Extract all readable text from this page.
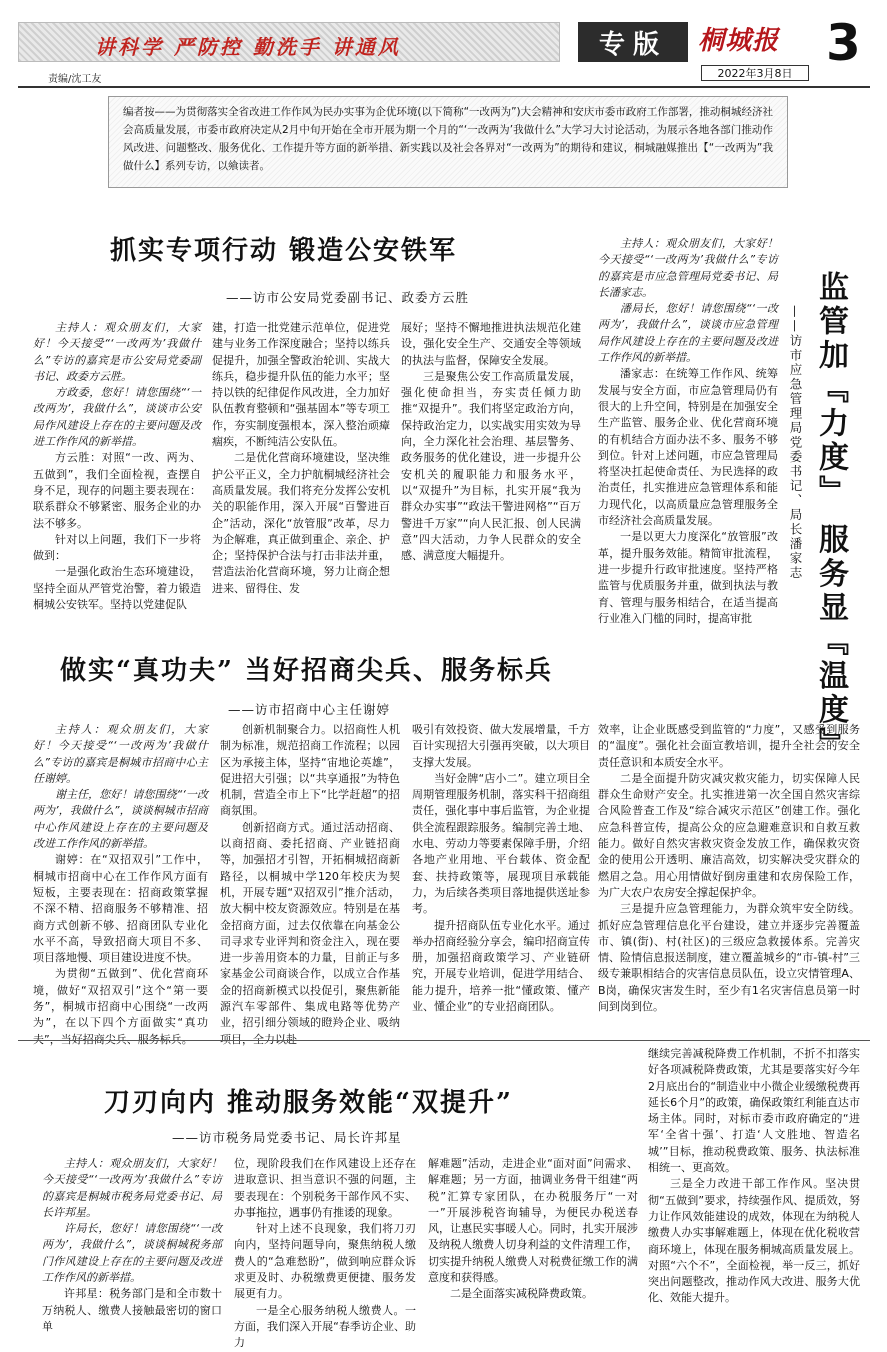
讲科学 严防控 勤洗手 讲通风	专版	桐城报 3
2022年3月8日
责编/沈工友
编者按——为贯彻落实全省改进工作作风为民办实事为企优环境(以下简称“一改两为”)大会精神和安庆市委市政府工作部署，推动桐城经济社会高质量发展，市委市政府决定从2月中旬开始在全市开展为期一个月的“‘一改两为’我做什么”大学习大讨论活动，为展示各地各部门推动作风改进、问题整改、服务优化、工作提升等方面的新举措、新实践以及社会各界对“一改两为”的期待和建议，桐城融媒推出【“一改两为”我做什么】系列专访，以飨读者。
抓实专项行动 锻造公安铁军
——访市公安局党委副书记、政委方云胜

主持人：观众朋友们，大家好！今天接受“‘一改两为’我做什么”专访的嘉宾是市公安局党委副书记、政委方云胜。

方政委，您好！请您围绕“‘一改两为’，我做什么”，谈谈市公安局作风建设上存在的主要问题及改进工作作风的新举措。

方云胜：对照“一改、两为、五做到”，我们全面检视，查摆自身不足，现存的问题主要表现在：联系群众不够紧密、服务企业的办法不够多。

针对以上问题，我们下一步将做到：

一是强化政治生态环境建设，坚持全面从严管党治警，着力锻造桐城公安铁军。坚持以党建促队

建，打造一批党建示范单位，促进党建与业务工作深度融合；坚持以练兵促提升，加强全警政治轮训、实战大练兵，稳步提升队伍的能力水平；坚持以铁的纪律促作风改进，全力加好队伍教育整顿和“强基固本”等专项工作，夯实制度强根本，深入整治顽瘴痼疾，不断纯洁公安队伍。

二是优化营商环境建设，坚决维护公平正义，全力护航桐城经济社会高质量发展。我们将充分发挥公安机关的职能作用，深入开展“百警进百企”活动，深化“放管服”改革，尽力为企解难，真正做到重企、亲企、护企；坚持保护合法与打击非法并重，营造法治化营商环境，努力让商企想进来、留得住、发

展好；坚持不懈地推进执法规范化建设，强化安全生产、交通安全等领域的执法与监督，保障安全发展。

三是聚焦公安工作高质量发展，强化使命担当，夯实责任倾力助推“双提升”。我们将坚定政治方向，保持政治定力，以实战实用实效为导向，全力深化社会治理、基层警务、政务服务的优化建设，进一步提升公安机关的履职能力和服务水平，以“双提升”为目标，扎实开展“我为群众办实事”“政法干警进网格”“百万警进千万家”“向人民汇报、创人民满意”四大活动，力争人民群众的安全感、满意度大幅提升。

做实“真功夫” 当好招商尖兵、服务标兵
——访市招商中心主任谢婷

主持人：观众朋友们，大家好！今天接受“‘一改两为’我做什么”专访的嘉宾是桐城市招商中心主任谢婷。

谢主任，您好！请您围绕“‘一改两为’，我做什么”，谈谈桐城市招商中心作风建设上存在的主要问题及改进工作作风的新举措。

谢婷：在“双招双引”工作中，桐城市招商中心在工作作风方面有短板，主要表现在：招商政策掌握不深不精、招商服务不够精准、招商方式创新不够、招商团队专业化水平不高，导致招商大项目不多、项目落地慢、项目建设进度不快。

为贯彻“五做到”、优化营商环境，做好“双招双引”这个“第一要务”，桐城市招商中心围绕“一改两为”，在以下四个方面做实“真功夫”，当好招商尖兵、服务标兵。

创新机制聚合力。以招商性人机制为标准，规范招商工作流程；以园区为承接主体，坚持“宙地论英雄”，促进招大引强；以“共享通报”为特色机制，营造全市上下“比学赶超”的招商氛围。

创新招商方式。通过活动招商、以商招商、委托招商、产业链招商等，加强招才引智，开拓桐城招商新路径，以桐城中学120年校庆为契机，开展专题“双招双引”推介活动，放大桐中校友资源效应。特别是在基金招商方面，过去仅依靠在向基金公司寻求专业评判和资金注入，现在要进一步善用资本的力量，目前正与多家基金公司商谈合作，以成立合作基金的招商新模式以投促引，聚焦新能源汽车零部件、集成电路等优势产业，招引细分领域的瞪羚企业、吸纳项目，全力以赴

吸引有效投资、做大发展增量，千方百计实现招大引强再突破，以大项目支撑大发展。

当好金牌“店小二”。建立项目全周期管理服务机制，落实科干招商组责任，强化事中事后监管，为企业提供全流程跟踪服务。编制完善土地、水电、劳动力等要素保障手册，介绍各地产业用地、平台载体、资金配套、扶持政策等，展现项目承载能力，为后续各类项目落地提供送址参考。

提升招商队伍专业化水平。通过举办招商经验分享会，编印招商宣传册，加强招商政策学习、产业链研究，开展专业培训，促进学用结合、能力提升，培养一批“懂政策、懂产业、懂企业”的专业招商团队。

监管加『力度』 服务显『温度』
——访市应急管理局党委书记、局长潘家志

主持人：观众朋友们，大家好！今天接受“‘一改两为’我做什么”专访的嘉宾是市应急管理局党委书记、局长潘家志。

潘局长，您好！请您围绕“‘一改两为’，我做什么”，谈谈市应急管理局作风建设上存在的主要问题及改进工作作风的新举措。

潘家志：在统筹工作作风、统筹发展与安全方面，市应急管理局仍有很大的上升空间，特别是在加强安全生产监管、服务企业、优化营商环境的有机结合方面办法不多、服务不够到位。针对上述问题，市应急管理局将坚决扛起使命责任、为民选择的政治责任，扎实推进应急管理体系和能力现代化，以高质量应急管理服务全市经济社会高质量发展。

一是以更大力度深化“放管服”改革，提升服务效能。精简审批流程，进一步提升行政审批速度。坚持严格监管与优质服务并重，做到执法与教育、管理与服务相结合，在适当提高行业准入门槛的同时，提高审批

效率，让企业既感受到监管的“力度”，又感受到服务的“温度”。强化社会面宣教培训，提升全社会的安全责任意识和本质安全水平。

二是全面提升防灾减灾救灾能力，切实保障人民群众生命财产安全。扎实推进第一次全国自然灾害综合风险普查工作及“综合减灾示范区”创建工作。强化应急科普宣传，提高公众的应急避难意识和自救互救能力。做好自然灾害救灾资金发放工作，确保救灾资金的使用公开透明、廉洁高效，切实解决受灾群众的燃眉之急。用心用情做好倒房重建和农房保险工作，为广大农户农房安全撑起保护伞。

三是提升应急管理能力，为群众筑牢安全防线。抓好应急管理信息化平台建设，建立并逐步完善覆盖市、镇(街)、村(社区)的三级应急救援体系。完善灾情、险情信息报送制度，建立覆盖城乡的“市-镇-村”三级专兼职相结合的灾害信息员队伍，设立灾情管理A、B岗，确保灾害发生时，至少有1名灾害信息员第一时间到岗到位。

刀刃向内 推动服务效能“双提升”
——访市税务局党委书记、局长许邦星

主持人：观众朋友们，大家好！今天接受“‘一改两为’我做什么”专访的嘉宾是桐城市税务局党委书记、局长许邦星。

许局长，您好！请您围绕“‘一改两为’，我做什么”，谈谈桐城税务部门作风建设上存在的主要问题及改进工作作风的新举措。

许邦星：税务部门是和全市数十万纳税人、缴费人接触最密切的窗口单

位，现阶段我们在作风建设上还存在进取意识、担当意识不强的问题，主要表现在：个别税务干部作风不实、办事拖拉，遇事仍有推诿的现象。

针对上述不良现象，我们将刀刃向内，坚持问题导向，聚焦纳税人缴费人的“急难愁盼”，做到响应群众诉求更及时、办税缴费更便捷、服务发展更有力。

一是全心服务纳税人缴费人。一方面，我们深入开展“春季访企业、助力

解难题”活动，走进企业“面对面”问需求、解难题；另一方面，抽调业务骨干组建“两税”汇算专家团队，在办税服务厅“一对一”开展涉税咨询辅导，为便民办税送春风，让惠民实事暖人心。同时，扎实开展涉及纳税人缴费人切身利益的文件清理工作，切实提升纳税人缴费人对税费征缴工作的满意度和获得感。

二是全面落实减税降费政策。

继续完善减税降费工作机制，不折不扣落实好各项减税降费政策，尤其是要落实好今年2月底出台的“制造业中小微企业缓缴税费再延长6个月”的政策，确保政策红利能直达市场主体。同时，对标市委市政府确定的“进军‘全省十强’、打造‘人文胜地、智造名城’”目标，推动税费政策、服务、执法标准相统一、更高效。

三是全力改进干部工作作风。坚决贯彻“五做到”要求，持续强作风、提质效，努力让作风效能建设的成效，体现在为纳税人缴费人办实事解难题上，体现在优化税收营商环境上，体现在服务桐城高质量发展上。对照“六个不”，全面检视，举一反三，抓好突出问题整改，推动作风大改进、服务大优化、效能大提升。
